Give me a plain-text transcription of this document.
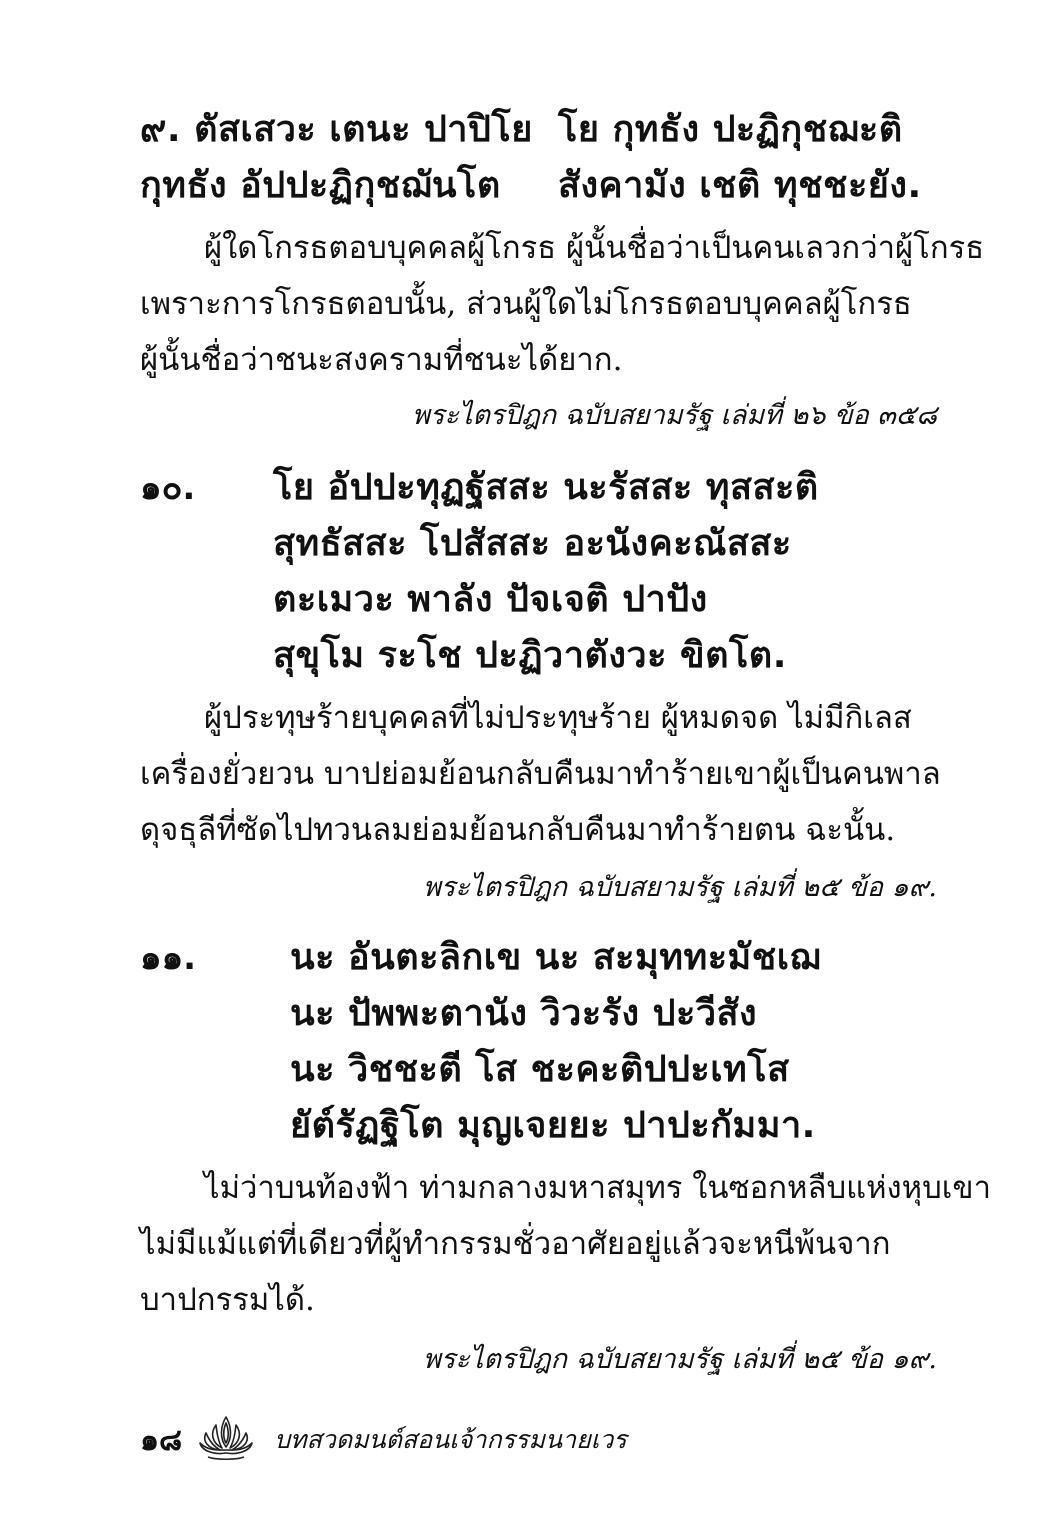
๙. ตัสเสวะ เตนะ ปาปิโย โย กุทธัง ปะฏิกุชฌะติ
กุทธัง อัปปะฏิกุชฌันโต สังคามัง เชติ ทุชชะยัง.
ผู้ใดโกรธตอบบุคคลผู้โกรธ ผู้นั้นชื่อว่าเป็นคนเลวกว่าผู้โกรธ
เพราะการโกรธตอบนั้น, ส่วนผู้ใดไม่โกรธตอบบุคคลผู้โกรธ
ผู้นั้นชื่อว่าชนะสงครามที่ชนะได้ยาก.
พระไตรปิฎก ฉบับสยามรัฐ เล่มที่ ๒๖ ข้อ ๓๕๘
๑๐. โย อัปปะทุฏฐัสสะ นะรัสสะ ทุสสะติ
สุทธัสสะ โปสัสสะ อะนังคะณัสสะ
ตะเมวะ พาลัง ปัจเจติ ปาปัง
สุขุโม ระโช ปะฏิวาตังวะ ขิตโต.
ผู้ประทุษร้ายบุคคลที่ไม่ประทุษร้าย ผู้หมดจด ไม่มีกิเลส
เครื่องยั่วยวน บาปย่อมย้อนกลับคืนมาทำร้ายเขาผู้เป็นคนพาล
ดุจธุลีที่ซัดไปทวนลมย่อมย้อนกลับคืนมาทำร้ายตน ฉะนั้น.
พระไตรปิฎก ฉบับสยามรัฐ เล่มที่ ๒๕ ข้อ ๑๙.
๑๑.	นะ อันตะลิกเข นะ สะมุททะมัชเฌ
นะ ปัพพะตานัง วิวะรัง ปะวีสัง
นะ วิชชะตี โส ชะคะติปปะเทโส
ยัต์รัฏฐิโต มุญเจยยะ ปาปะกัมมา.
ไม่ว่าบนท้องฟ้า ท่ามกลางมหาสมุทร ในซอกหลืบแห่งหุบเขา
ไม่มีแม้แต่ที่เดียวที่ผู้ทำกรรมชั่วอาศัยอยู่แล้วจะหนีพ้นจาก
บาปกรรมได้.
พระไตรปิฎก ฉบับสยามรัฐ เล่มที่ ๒๕ ข้อ ๑๙.
๑๘	บทสวดมนต์สอนเจ้ากรรมนายเวร
